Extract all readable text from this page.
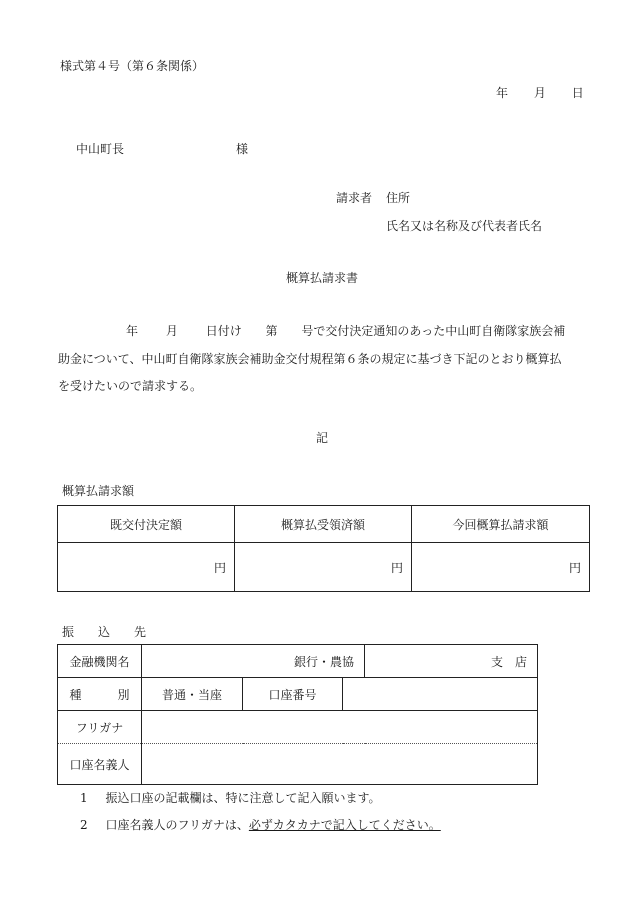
様式第４号（第６条関係）
年 月 日
中山町長	様
請求者 住所
氏名又は名称及び代表者氏名
概算払請求書
年 月 日付け 第 号で交付決定通知のあった中山町自衛隊家族会補
助金について、中山町自衛隊家族会補助金交付規程第６条の規定に基づき下記のとおり概算払
を受けたいので請求する。
記
概算払請求額
既交付決定額	概算払受領済額	今回概算払請求額
円	円	円
振　　込　　先
金融機関名	銀行・農協			支　店
種　　　別	普通・当座	口座番号		
フリガナ				
口座名義人				
1 振込口座の記載欄は、特に注意して記入願います。
2 口座名義人のフリガナは、必ずカタカナで記入してください。
